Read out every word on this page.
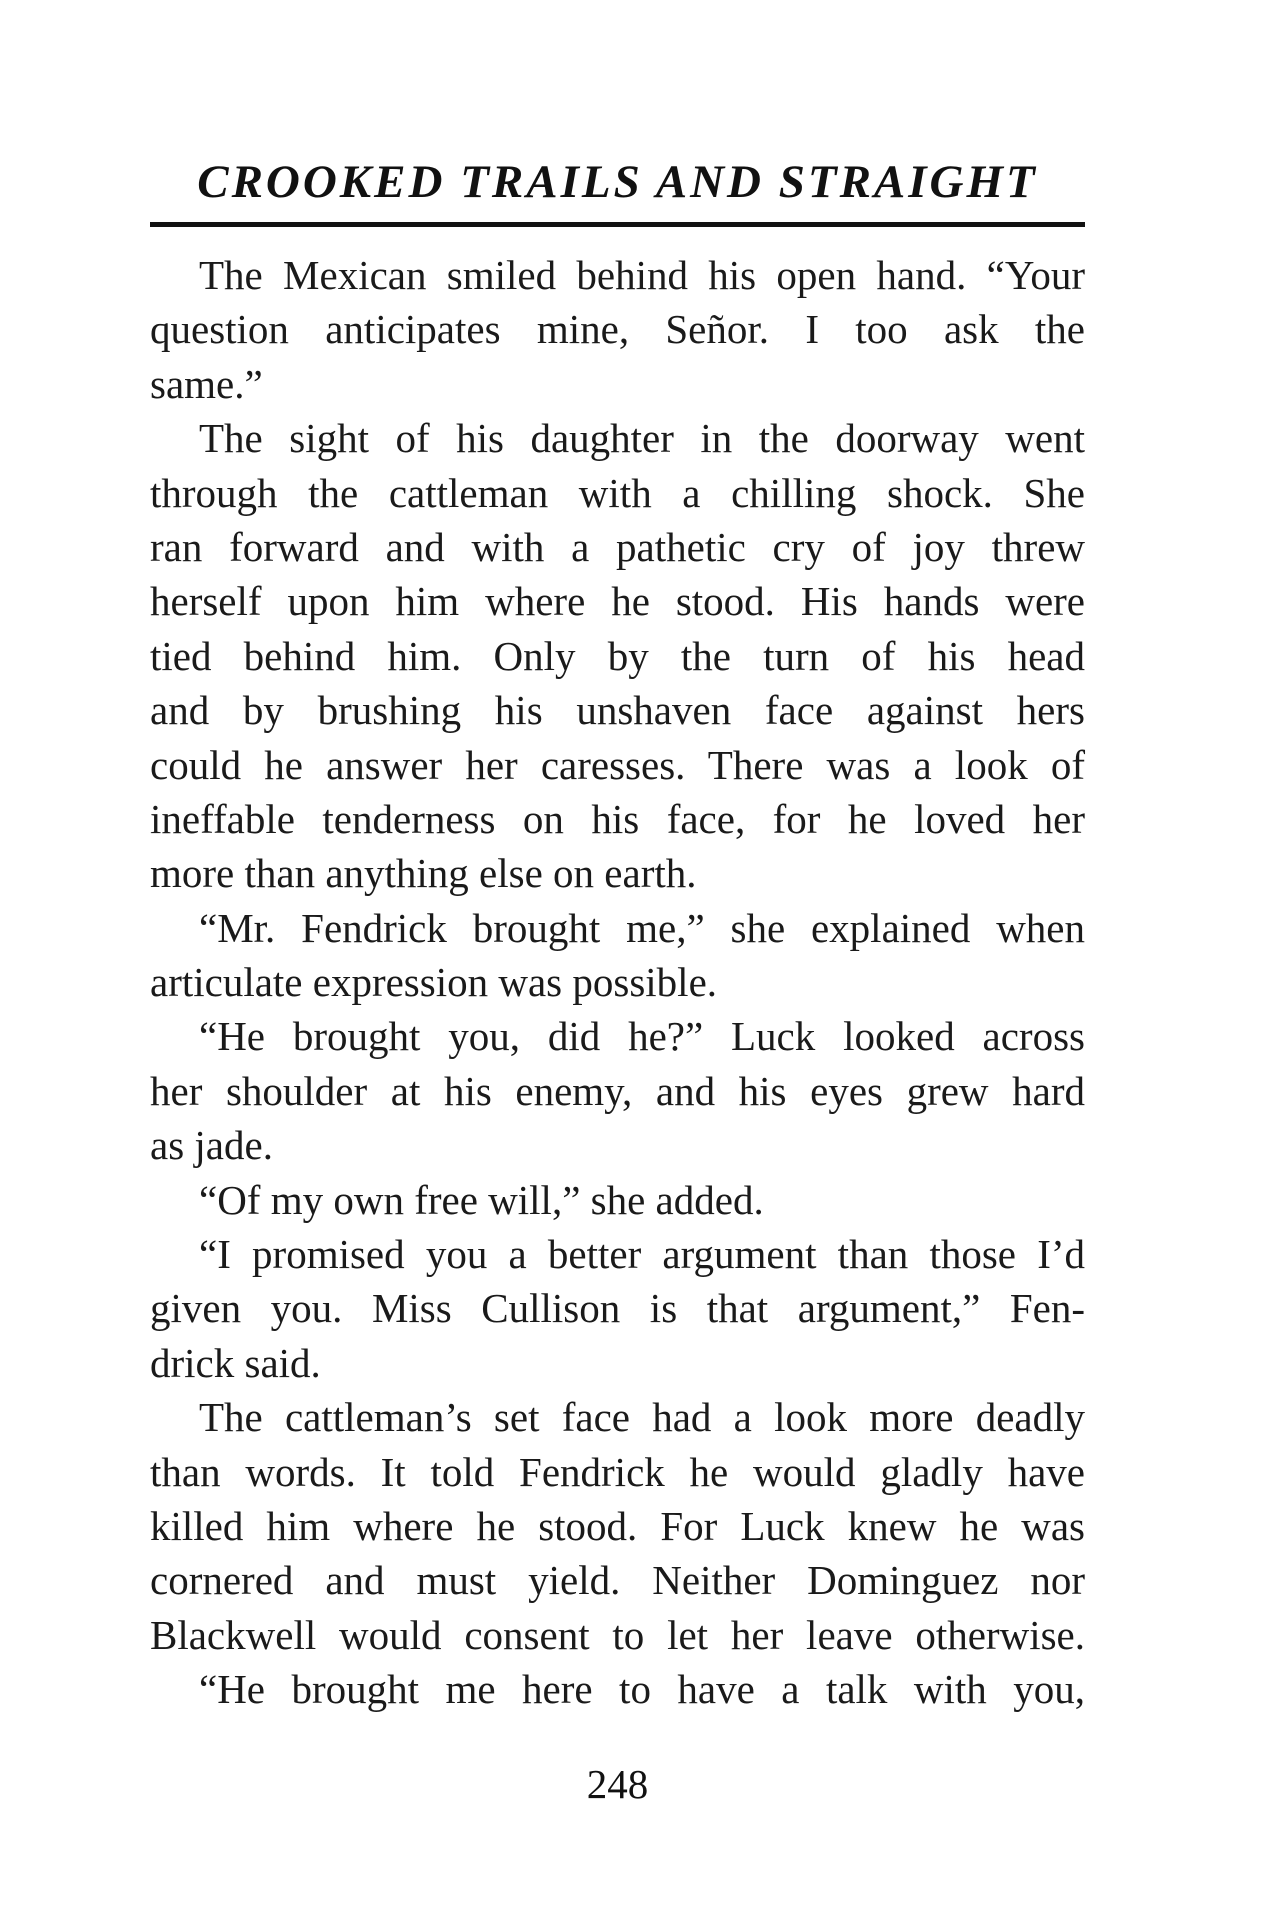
CROOKED TRAILS AND STRAIGHT
The Mexican smiled behind his open hand. “Your
question anticipates mine, Señor. I too ask the
same.”
The sight of his daughter in the doorway went
through the cattleman with a chilling shock. She
ran forward and with a pathetic cry of joy threw
herself upon him where he stood. His hands were
tied behind him. Only by the turn of his head
and by brushing his unshaven face against hers
could he answer her caresses. There was a look of
ineffable tenderness on his face, for he loved her
more than anything else on earth.
“Mr. Fendrick brought me,” she explained when
articulate expression was possible.
“He brought you, did he?” Luck looked across
her shoulder at his enemy, and his eyes grew hard
as jade.
“Of my own free will,” she added.
“I promised you a better argument than those I’d
given you. Miss Cullison is that argument,” Fen-
drick said.
The cattleman’s set face had a look more deadly
than words. It told Fendrick he would gladly have
killed him where he stood. For Luck knew he was
cornered and must yield. Neither Dominguez nor
Blackwell would consent to let her leave otherwise.
“He brought me here to have a talk with you,
248
